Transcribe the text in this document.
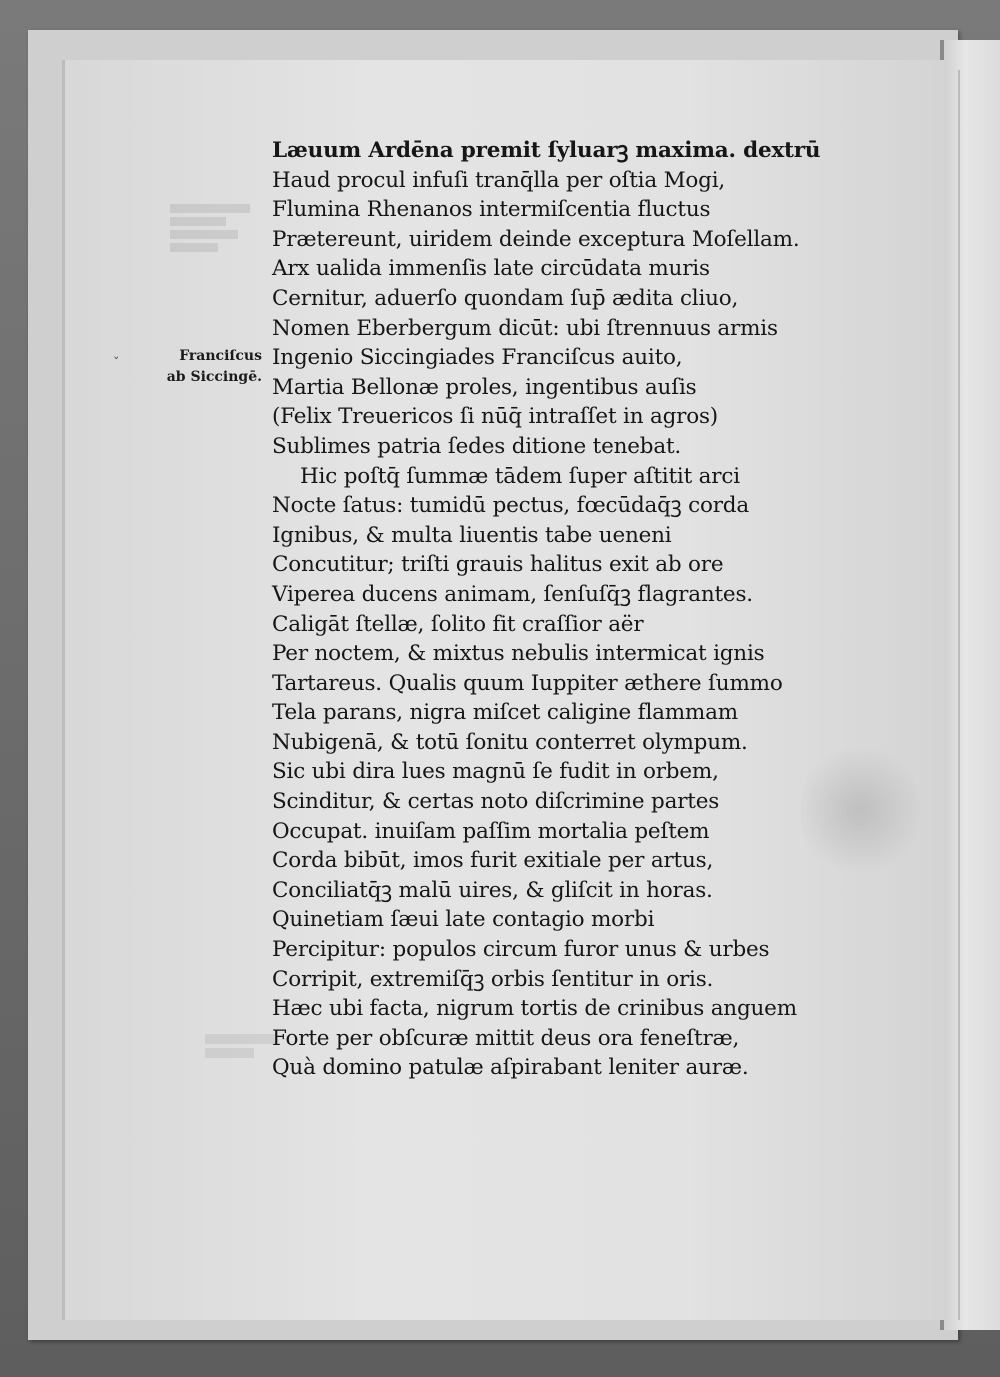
ˇ	Franciſcus
ab Siccingē.
Læuum Ardēna premit ſyluarꝫ maxima. dextrū
Haud procul infuſi tranq̄lla per oſtia Mogi,
Flumina Rhenanos intermiſcentia fluctus
Prætereunt, uiridem deinde exceptura Moſellam.
Arx ualida immenſis late circūdata muris
Cernitur, aduerſo quondam ſup̄ ædita cliuo,
Nomen Eberbergum dicūt: ubi ſtrennuus armis
Ingenio Siccingiades Franciſcus auito,
Martia Bellonæ proles, ingentibus auſis
(Felix Treuericos ſi nūq̄ intraſſet in agros)
Sublimes patria ſedes ditione tenebat.
Hic poſtq̄ ſummæ tādem ſuper aſtitit arci
Nocte ſatus: tumidū pectus, fœcūdaq̄ꝫ corda
Ignibus, & multa liuentis tabe ueneni
Concutitur; triſti grauis halitus exit ab ore
Viperea ducens animam, ſenſuſq̄ꝫ flagrantes.
Caligāt ſtellæ, ſolito fit craſſior aër
Per noctem, & mixtus nebulis intermicat ignis
Tartareus. Qualis quum Iuppiter æthere ſummo
Tela parans, nigra miſcet caligine flammam
Nubigenā, & totū ſonitu conterret olympum.
Sic ubi dira lues magnū ſe fudit in orbem,
Scinditur, & certas noto diſcrimine partes
Occupat. inuiſam paſſim mortalia peſtem
Corda bibūt, imos furit exitiale per artus,
Conciliatq̄ꝫ malū uires, & gliſcit in horas.
Quinetiam ſæui late contagio morbi
Percipitur: populos circum furor unus & urbes
Corripit, extremiſq̄ꝫ orbis ſentitur in oris.
Hæc ubi facta, nigrum tortis de crinibus anguem
Forte per obſcuræ mittit deus ora feneſtræ,
Quà domino patulæ aſpirabant leniter auræ.
